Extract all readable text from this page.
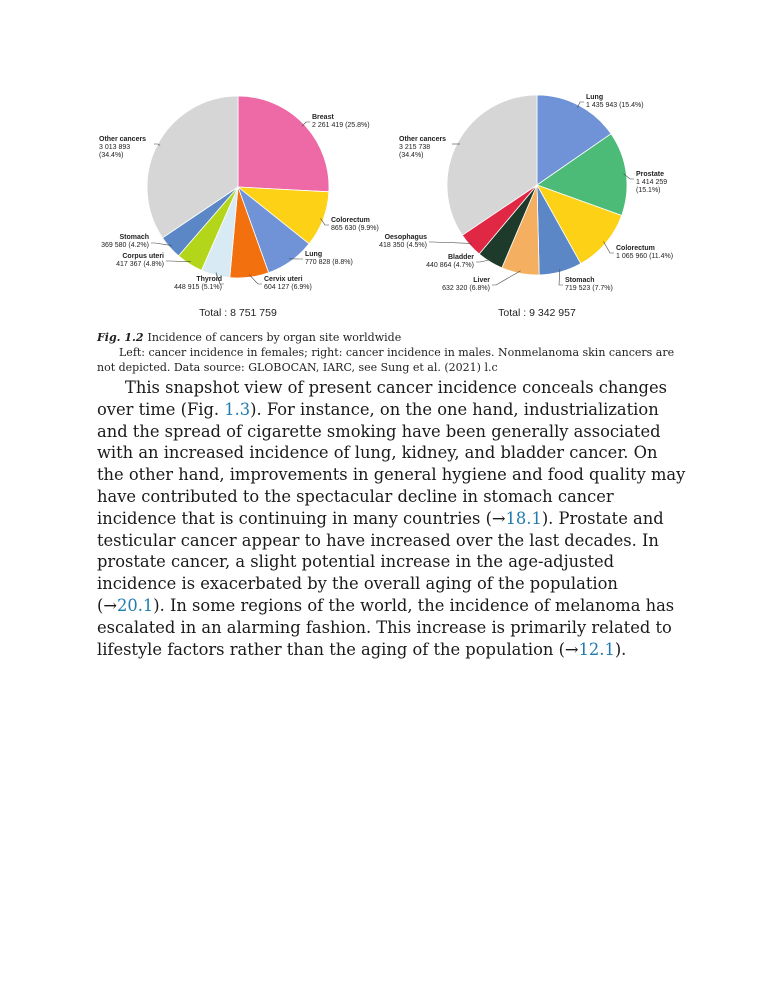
Breast
2 261 419 (25.8%)
Colorectum
865 630 (9.9%)
Lung
770 828 (8.8%)
Cervix uteri
604 127 (6.9%)
Thyroid
448 915 (5.1%)
Corpus uteri
417 367 (4.8%)
Stomach
369 580 (4.2%)
Other cancers
3 013 893
(34.4%)
Total : 8 751 759
Lung
1 435 943 (15.4%)
Prostate
1 414 259
(15.1%)
Colorectum
1 065 960 (11.4%)
Stomach
719 523 (7.7%)
Liver
632 320 (6.8%)
Bladder
440 864 (4.7%)
Oesophagus
418 350 (4.5%)
Other cancers
3 215 738
(34.4%)
Total : 9 342 957
Fig. 1.2 Incidence of cancers by organ site worldwide
Left: cancer incidence in females; right: cancer incidence in males. Nonmelanoma skin cancers are not depicted. Data source: GLOBOCAN, IARC, see Sung et al. (2021) l.c

This snapshot view of present cancer incidence conceals changes over time (Fig. 1.3). For instance, on the one hand, industrialization and the spread of cigarette smoking have been generally associated with an increased incidence of lung, kidney, and bladder cancer. On the other hand, improvements in general hygiene and food quality may have contributed to the spectacular decline in stomach cancer incidence that is continuing in many countries (→18.1). Prostate and testicular cancer appear to have increased over the last decades. In prostate cancer, a slight potential increase in the age-adjusted incidence is exacerbated by the overall aging of the population (→20.1). In some regions of the world, the incidence of melanoma has escalated in an alarming fashion. This increase is primarily related to lifestyle factors rather than the aging of the population (→12.1).
